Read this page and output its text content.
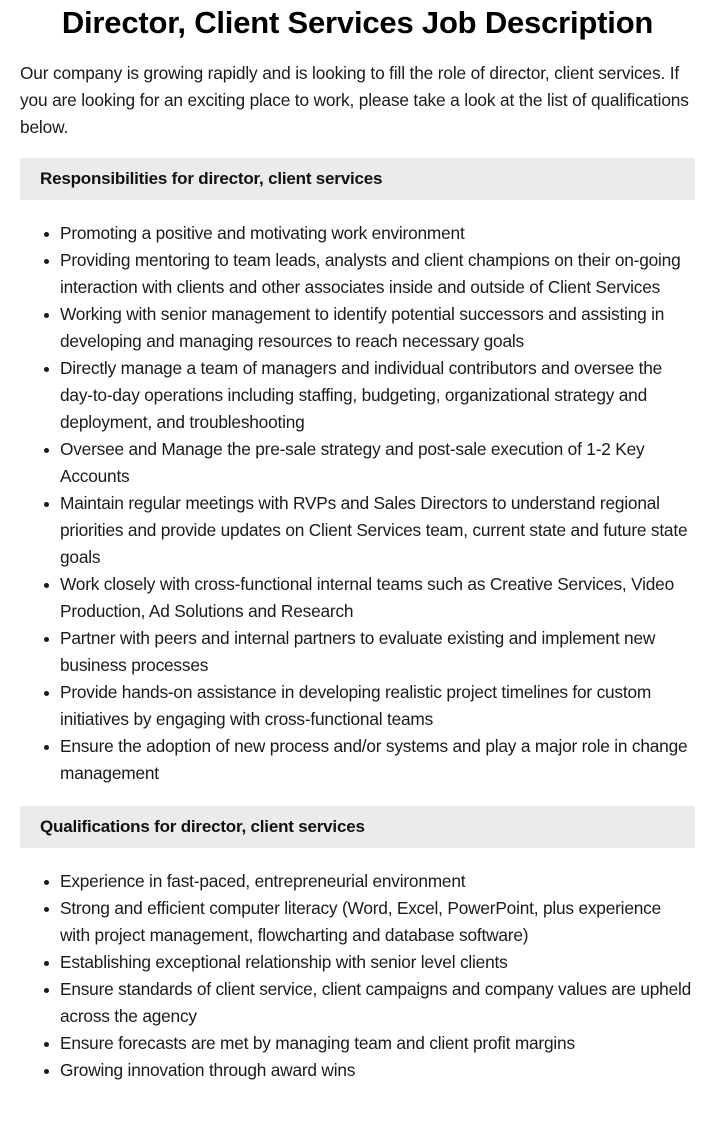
Director, Client Services Job Description

Our company is growing rapidly and is looking to fill the role of director, client services. If you are looking for an exciting place to work, please take a look at the list of qualifications below.

Responsibilities for director, client services
Promoting a positive and motivating work environment
Providing mentoring to team leads, analysts and client champions on their on-going interaction with clients and other associates inside and outside of Client Services
Working with senior management to identify potential successors and assisting in developing and managing resources to reach necessary goals
Directly manage a team of managers and individual contributors and oversee the day-to-day operations including staffing, budgeting, organizational strategy and deployment, and troubleshooting
Oversee and Manage the pre-sale strategy and post-sale execution of 1-2 Key Accounts
Maintain regular meetings with RVPs and Sales Directors to understand regional priorities and provide updates on Client Services team, current state and future state goals
Work closely with cross-functional internal teams such as Creative Services, Video Production, Ad Solutions and Research
Partner with peers and internal partners to evaluate existing and implement new business processes
Provide hands-on assistance in developing realistic project timelines for custom initiatives by engaging with cross-functional teams
Ensure the adoption of new process and/or systems and play a major role in change management
Qualifications for director, client services
Experience in fast-paced, entrepreneurial environment
Strong and efficient computer literacy (Word, Excel, PowerPoint, plus experience with project management, flowcharting and database software)
Establishing exceptional relationship with senior level clients
Ensure standards of client service, client campaigns and company values are upheld across the agency
Ensure forecasts are met by managing team and client profit margins
Growing innovation through award wins
